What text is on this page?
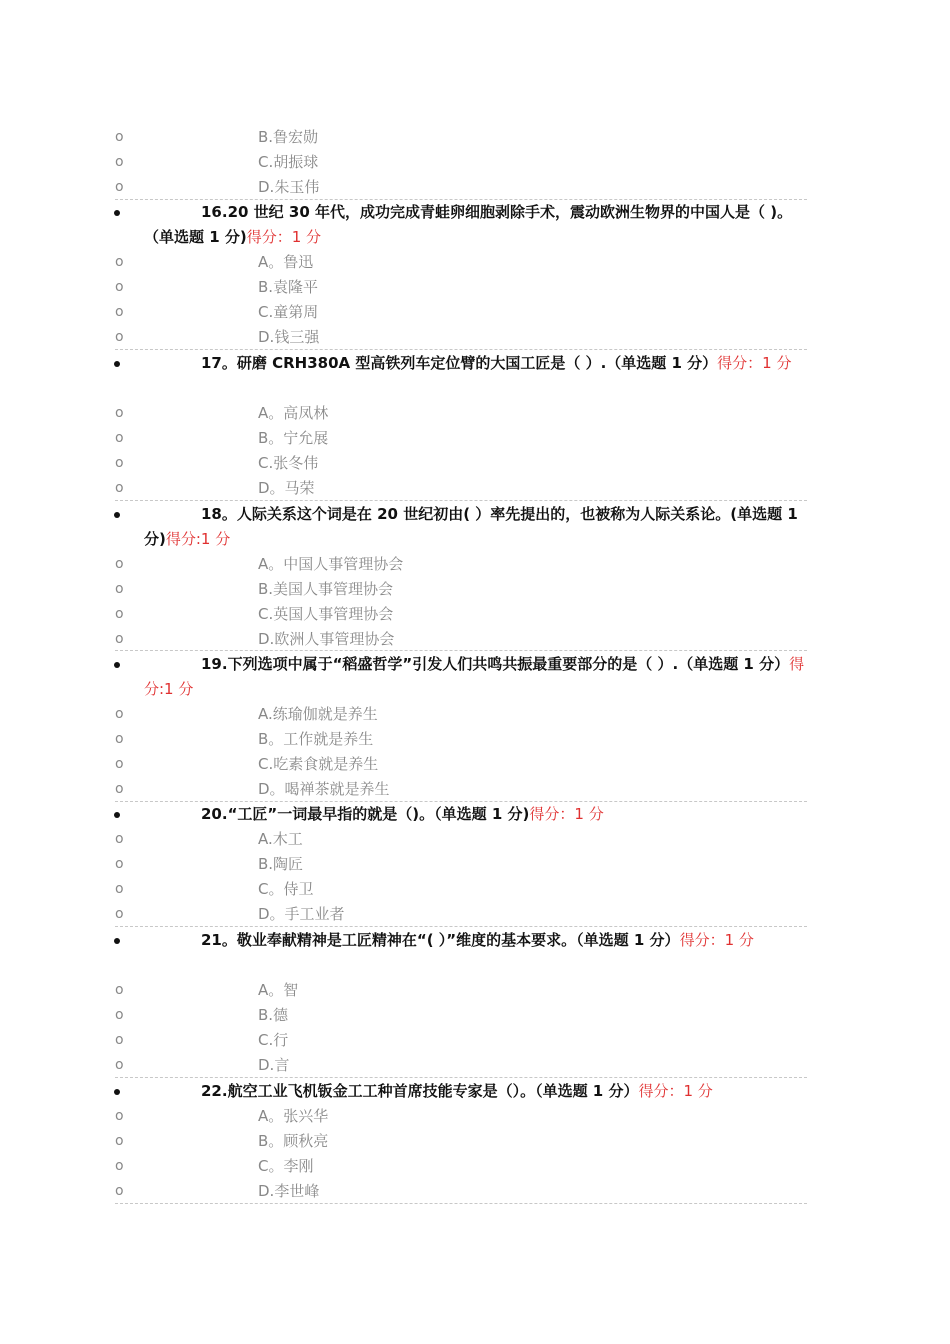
o	B.鲁宏勋
o	C.胡振球
o	D.朱玉伟
16.20 世纪 30 年代，成功完成青蛙卵细胞剥除手术，震动欧洲生物界的中国人是（ )。（单选题 1 分)得分：1 分
o	A。鲁迅
o	B.袁隆平
o	C.童第周
o	D.钱三强
17。研磨 CRH380A 型高铁列车定位臂的大国工匠是（ ）.（单选题 1 分）得分：1 分
o	A。高凤林
o	B。宁允展
o	C.张冬伟
o	D。马荣
18。人际关系这个词是在 20 世纪初由( ）率先提出的，也被称为人际关系论。(单选题 1 分)得分:1 分
o	A。中国人事管理协会
o	B.美国人事管理协会
o	C.英国人事管理协会
o	D.欧洲人事管理协会
19.下列选项中属于“稻盛哲学”引发人们共鸣共振最重要部分的是（ ）.（单选题 1 分）得分:1 分
o	A.练瑜伽就是养生
o	B。工作就是养生
o	C.吃素食就是养生
o	D。喝禅茶就是养生
20.“工匠”一词最早指的就是（)。（单选题 1 分)得分：1 分
o	A.木工
o	B.陶匠
o	C。侍卫
o	D。手工业者
21。敬业奉献精神是工匠精神在“( ）”维度的基本要求。（单选题 1 分）得分：1 分
o	A。智
o	B.德
o	C.行
o	D.言
22.航空工业飞机钣金工工种首席技能专家是（）。（单选题 1 分）得分：1 分
o	A。张兴华
o	B。顾秋亮
o	C。李刚
o	D.李世峰
